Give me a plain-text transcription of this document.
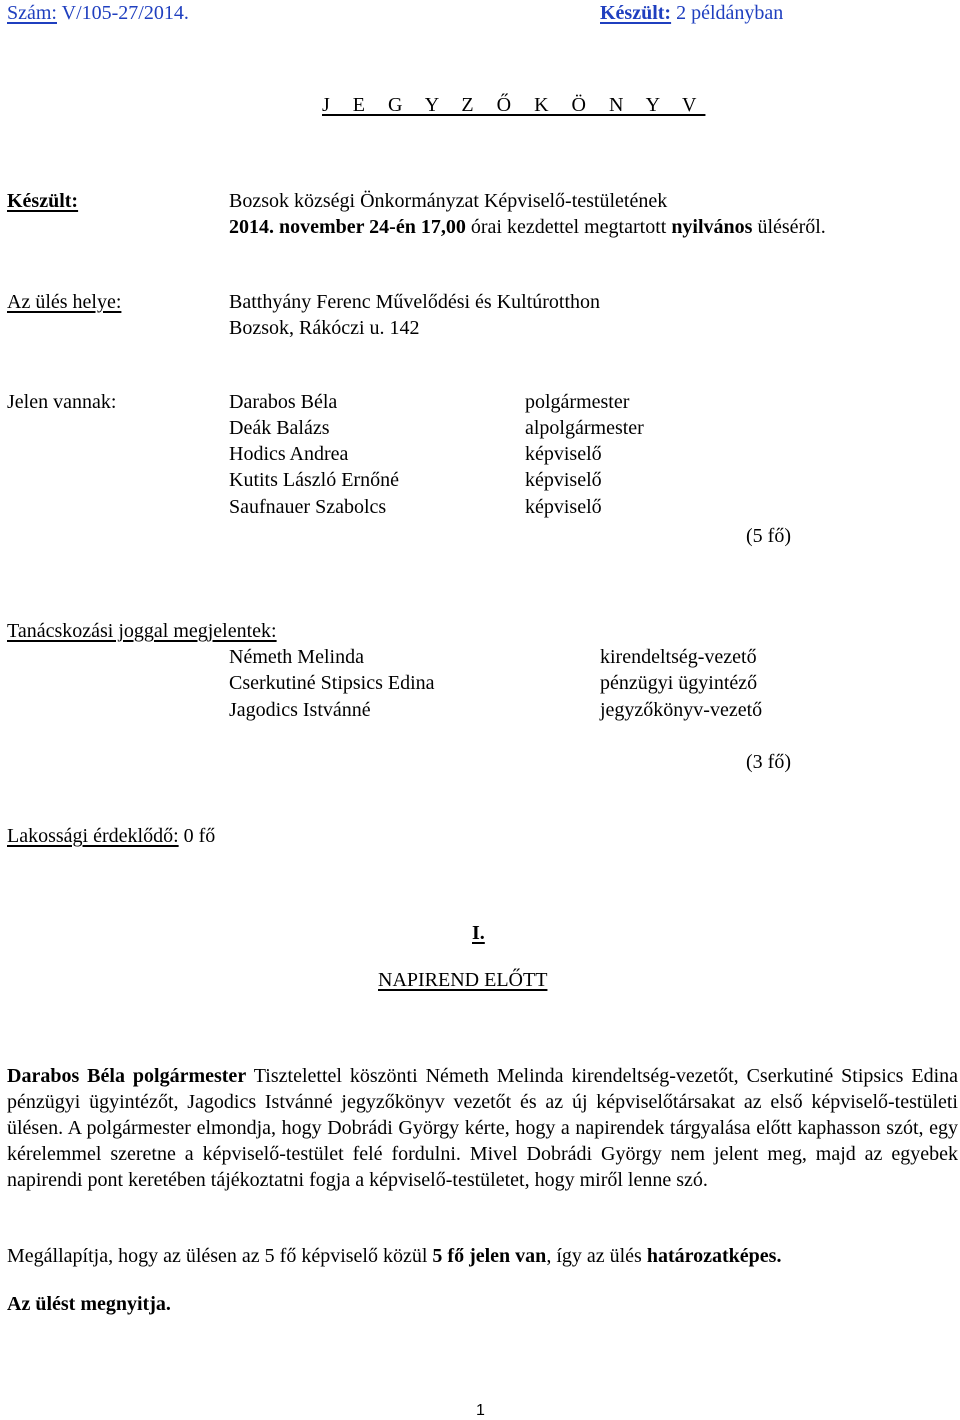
Szám: V/105-27/2014.	Készült: 2 példányban
J E G Y Z Ő K Ö N Y V
Készült:	Bozsok községi Önkormányzat Képviselő-testületének
2014. november 24-én 17,00 órai kezdettel megtartott nyilvános üléséről.
Az ülés helye:	Batthyány Ferenc Művelődési és Kultúrotthon
Bozsok, Rákóczi u. 142
Jelen vannak:	Darabos Béla	polgármester
Deák Balázs	alpolgármester
Hodics Andrea	képviselő
Kutits László Ernőné	képviselő
Saufnauer Szabolcs	képviselő
(5 fő)
Tanácskozási joggal megjelentek:
Németh Melinda	kirendeltség-vezető
Cserkutiné Stipsics Edina	pénzügyi ügyintéző
Jagodics Istvánné	jegyzőkönyv-vezető
(3 fő)
Lakossági érdeklődő: 0 fő
I.
NAPIREND ELŐTT
Darabos Béla polgármester Tisztelettel köszönti Németh Melinda kirendeltség-vezetőt, Cserkutiné Stipsics Edina pénzügyi ügyintézőt, Jagodics Istvánné jegyzőkönyv vezetőt és az új képviselőtársakat az első képviselő-testületi ülésen. A polgármester elmondja, hogy Dobrádi György kérte, hogy a napirendek tárgyalása előtt kaphasson szót, egy kérelemmel szeretne a képviselő-testület felé fordulni. Mivel Dobrádi György nem jelent meg, majd az egyebek napirendi pont keretében tájékoztatni fogja a képviselő-testületet, hogy miről lenne szó.
Megállapítja, hogy az ülésen az 5 fő képviselő közül 5 fő jelen van, így az ülés határozatképes.
Az ülést megnyitja.
1
